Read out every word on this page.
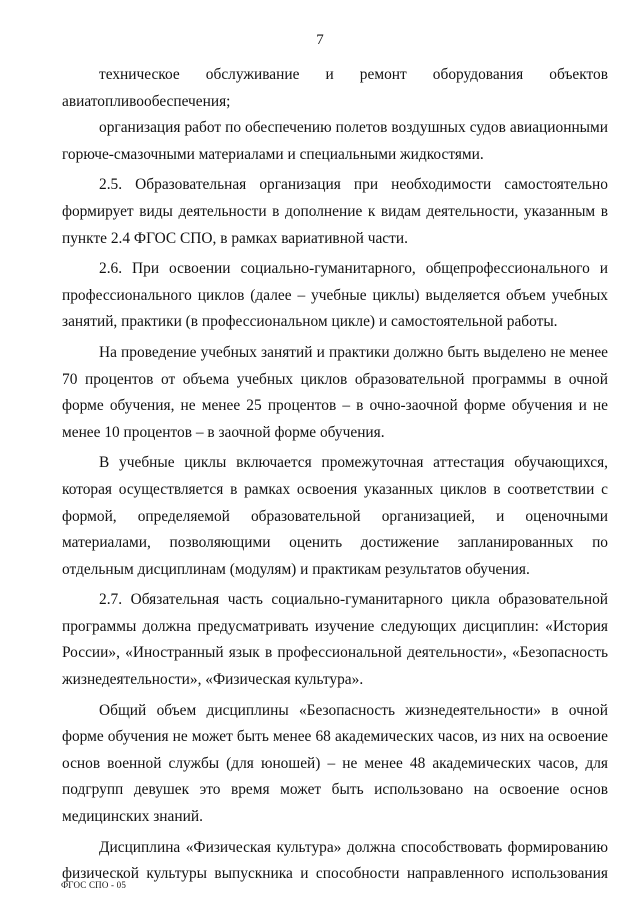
7

техническое обслуживание и ремонт оборудования объектов авиатопливообеспечения;

организация работ по обеспечению полетов воздушных судов авиационными горюче-смазочными материалами и специальными жидкостями.

2.5. Образовательная организация при необходимости самостоятельно формирует виды деятельности в дополнение к видам деятельности, указанным в пункте 2.4 ФГОС СПО, в рамках вариативной части.

2.6. При освоении социально-гуманитарного, общепрофессионального и профессионального циклов (далее – учебные циклы) выделяется объем учебных занятий, практики (в профессиональном цикле) и самостоятельной работы.

На проведение учебных занятий и практики должно быть выделено не менее 70 процентов от объема учебных циклов образовательной программы в очной форме обучения, не менее 25 процентов – в очно-заочной форме обучения и не менее 10 процентов – в заочной форме обучения.

В учебные циклы включается промежуточная аттестация обучающихся, которая осуществляется в рамках освоения указанных циклов в соответствии с формой, определяемой образовательной организацией, и оценочными материалами, позволяющими оценить достижение запланированных по отдельным дисциплинам (модулям) и практикам результатов обучения.

2.7. Обязательная часть социально-гуманитарного цикла образовательной программы должна предусматривать изучение следующих дисциплин: «История России», «Иностранный язык в профессиональной деятельности», «Безопасность жизнедеятельности», «Физическая культура».

Общий объем дисциплины «Безопасность жизнедеятельности» в очной форме обучения не может быть менее 68 академических часов, из них на освоение основ военной службы (для юношей) – не менее 48 академических часов, для подгрупп девушек это время может быть использовано на освоение основ медицинских знаний.

Дисциплина «Физическая культура» должна способствовать формированию физической культуры выпускника и способности направленного использования

ФГОС СПО - 05
